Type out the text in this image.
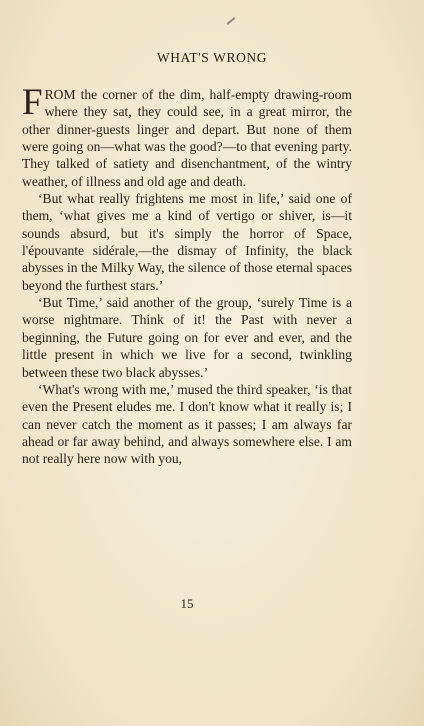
WHAT'S WRONG

FROM the corner of the dim, half-empty drawing-room where they sat, they could see, in a great mirror, the other dinner-guests linger and depart. But none of them were going on—what was the good?—to that evening party. They talked of satiety and disenchantment, of the wintry weather, of illness and old age and death.

‘But what really frightens me most in life,’ said one of them, ‘what gives me a kind of vertigo or shiver, is—it sounds absurd, but it's simply the horror of Space, l'épouvante sidérale,—the dismay of Infinity, the black abysses in the Milky Way, the silence of those eternal spaces beyond the furthest stars.’

‘But Time,’ said another of the group, ‘surely Time is a worse nightmare. Think of it! the Past with never a beginning, the Future going on for ever and ever, and the little present in which we live for a second, twinkling between these two black abysses.’

‘What's wrong with me,’ mused the third speaker, ‘is that even the Present eludes me. I don't know what it really is; I can never catch the moment as it passes; I am always far ahead or far away behind, and always somewhere else. I am not really here now with you,

15
